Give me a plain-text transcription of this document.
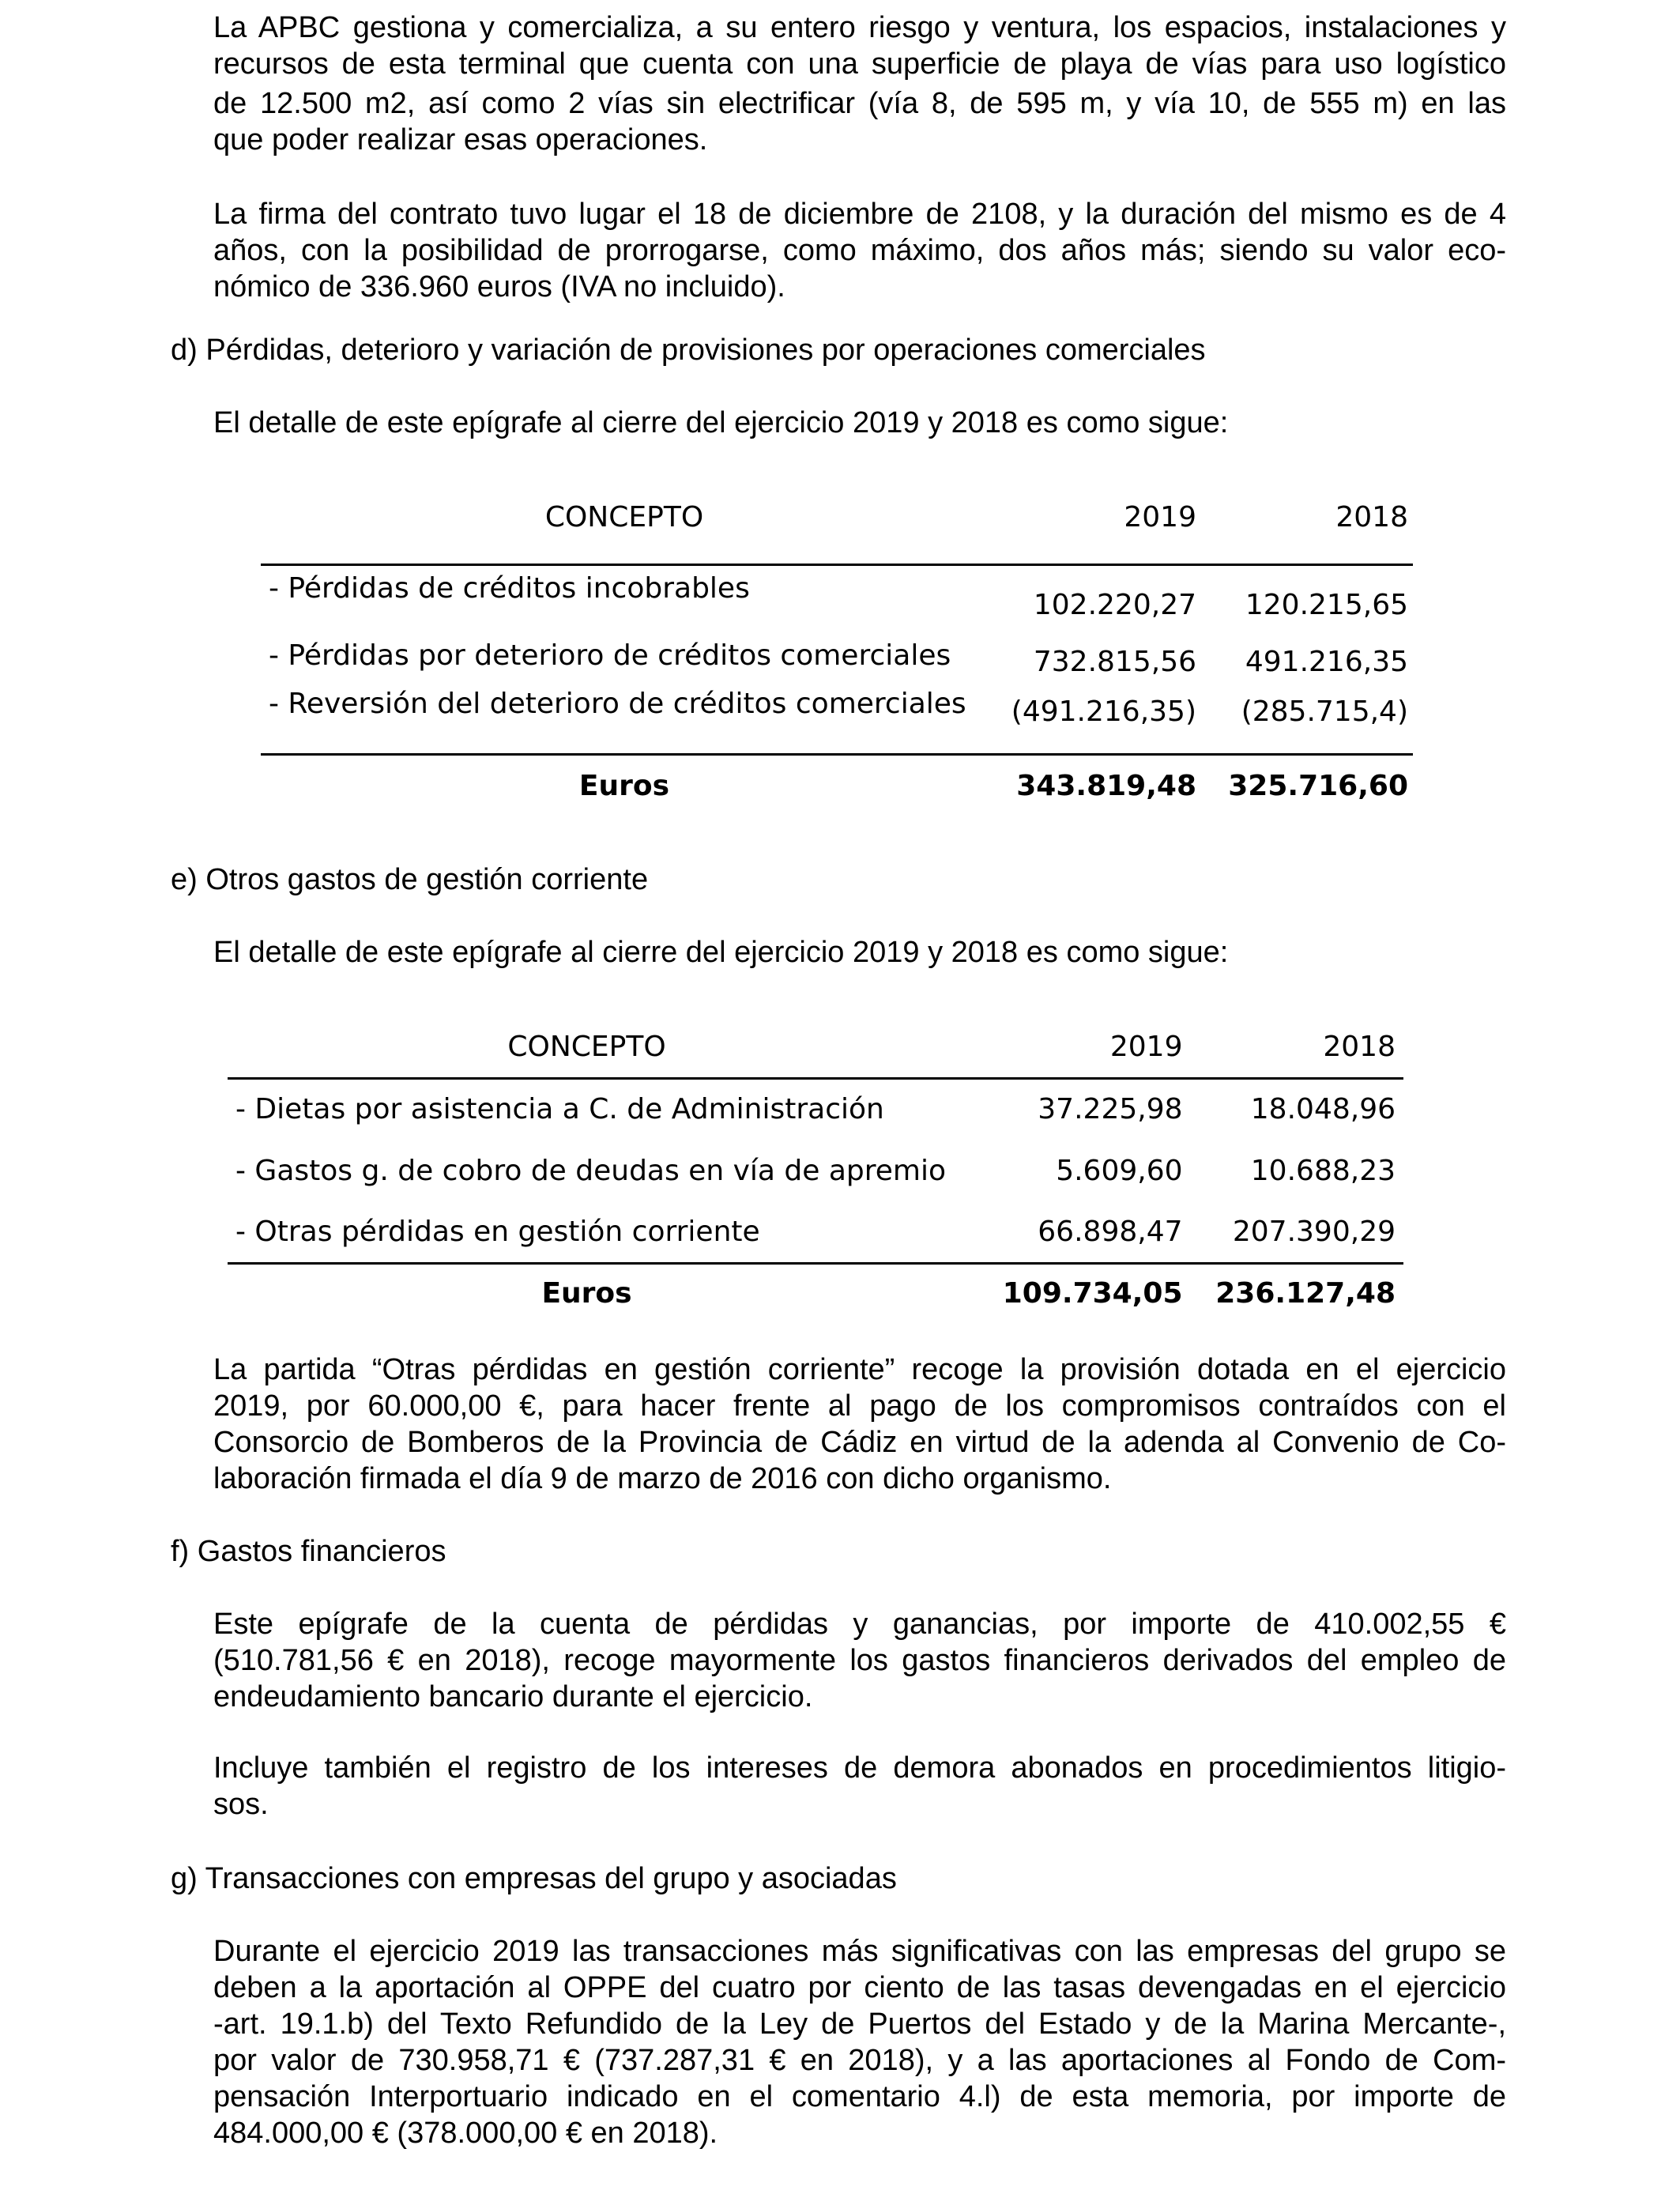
La APBC gestiona y comercializa, a su entero riesgo y ventura, los espacios, instalaciones y
recursos de esta terminal que cuenta con una superficie de playa de vías para uso logístico
de 12.500 m2, así como 2 vías sin electrificar (vía 8, de 595 m, y vía 10, de 555 m) en las
que poder realizar esas operaciones.
La firma del contrato tuvo lugar el 18 de diciembre de 2108, y la duración del mismo es de 4
años, con la posibilidad de prorrogarse, como máximo, dos años más; siendo su valor eco-
nómico de 336.960 euros (IVA no incluido).
d) Pérdidas, deterioro y variación de provisiones por operaciones comerciales
El detalle de este epígrafe al cierre del ejercicio 2019 y 2018 es como sigue:
CONCEPTO	2019	2018
- Pérdidas de créditos incobrables	102.220,27	120.215,65
- Pérdidas por deterioro de créditos comerciales	732.815,56	491.216,35
- Reversión del deterioro de créditos comerciales	(491.216,35)	(285.715,4)
Euros	343.819,48	325.716,60
e) Otros gastos de gestión corriente
El detalle de este epígrafe al cierre del ejercicio 2019 y 2018 es como sigue:
CONCEPTO	2019	2018
- Dietas por asistencia a C. de Administración	37.225,98	18.048,96
- Gastos g. de cobro de deudas en vía de apremio	5.609,60	10.688,23
- Otras pérdidas en gestión corriente	66.898,47	207.390,29
Euros	109.734,05	236.127,48
La partida “Otras pérdidas en gestión corriente” recoge la provisión dotada en el ejercicio
2019, por 60.000,00 €, para hacer frente al pago de los compromisos contraídos con el
Consorcio de Bomberos de la Provincia de Cádiz en virtud de la adenda al Convenio de Co-
laboración firmada el día 9 de marzo de 2016 con dicho organismo.
f) Gastos financieros
Este epígrafe de la cuenta de pérdidas y ganancias, por importe de 410.002,55 €
(510.781,56 € en 2018), recoge mayormente los gastos financieros derivados del empleo de
endeudamiento bancario durante el ejercicio.
Incluye también el registro de los intereses de demora abonados en procedimientos litigio-
sos.
g) Transacciones con empresas del grupo y asociadas
Durante el ejercicio 2019 las transacciones más significativas con las empresas del grupo se
deben a la aportación al OPPE del cuatro por ciento de las tasas devengadas en el ejercicio
-art. 19.1.b) del Texto Refundido de la Ley de Puertos del Estado y de la Marina Mercante-,
por valor de 730.958,71 € (737.287,31 € en 2018), y a las aportaciones al Fondo de Com-
pensación Interportuario indicado en el comentario 4.l) de esta memoria, por importe de
484.000,00 € (378.000,00 € en 2018).
